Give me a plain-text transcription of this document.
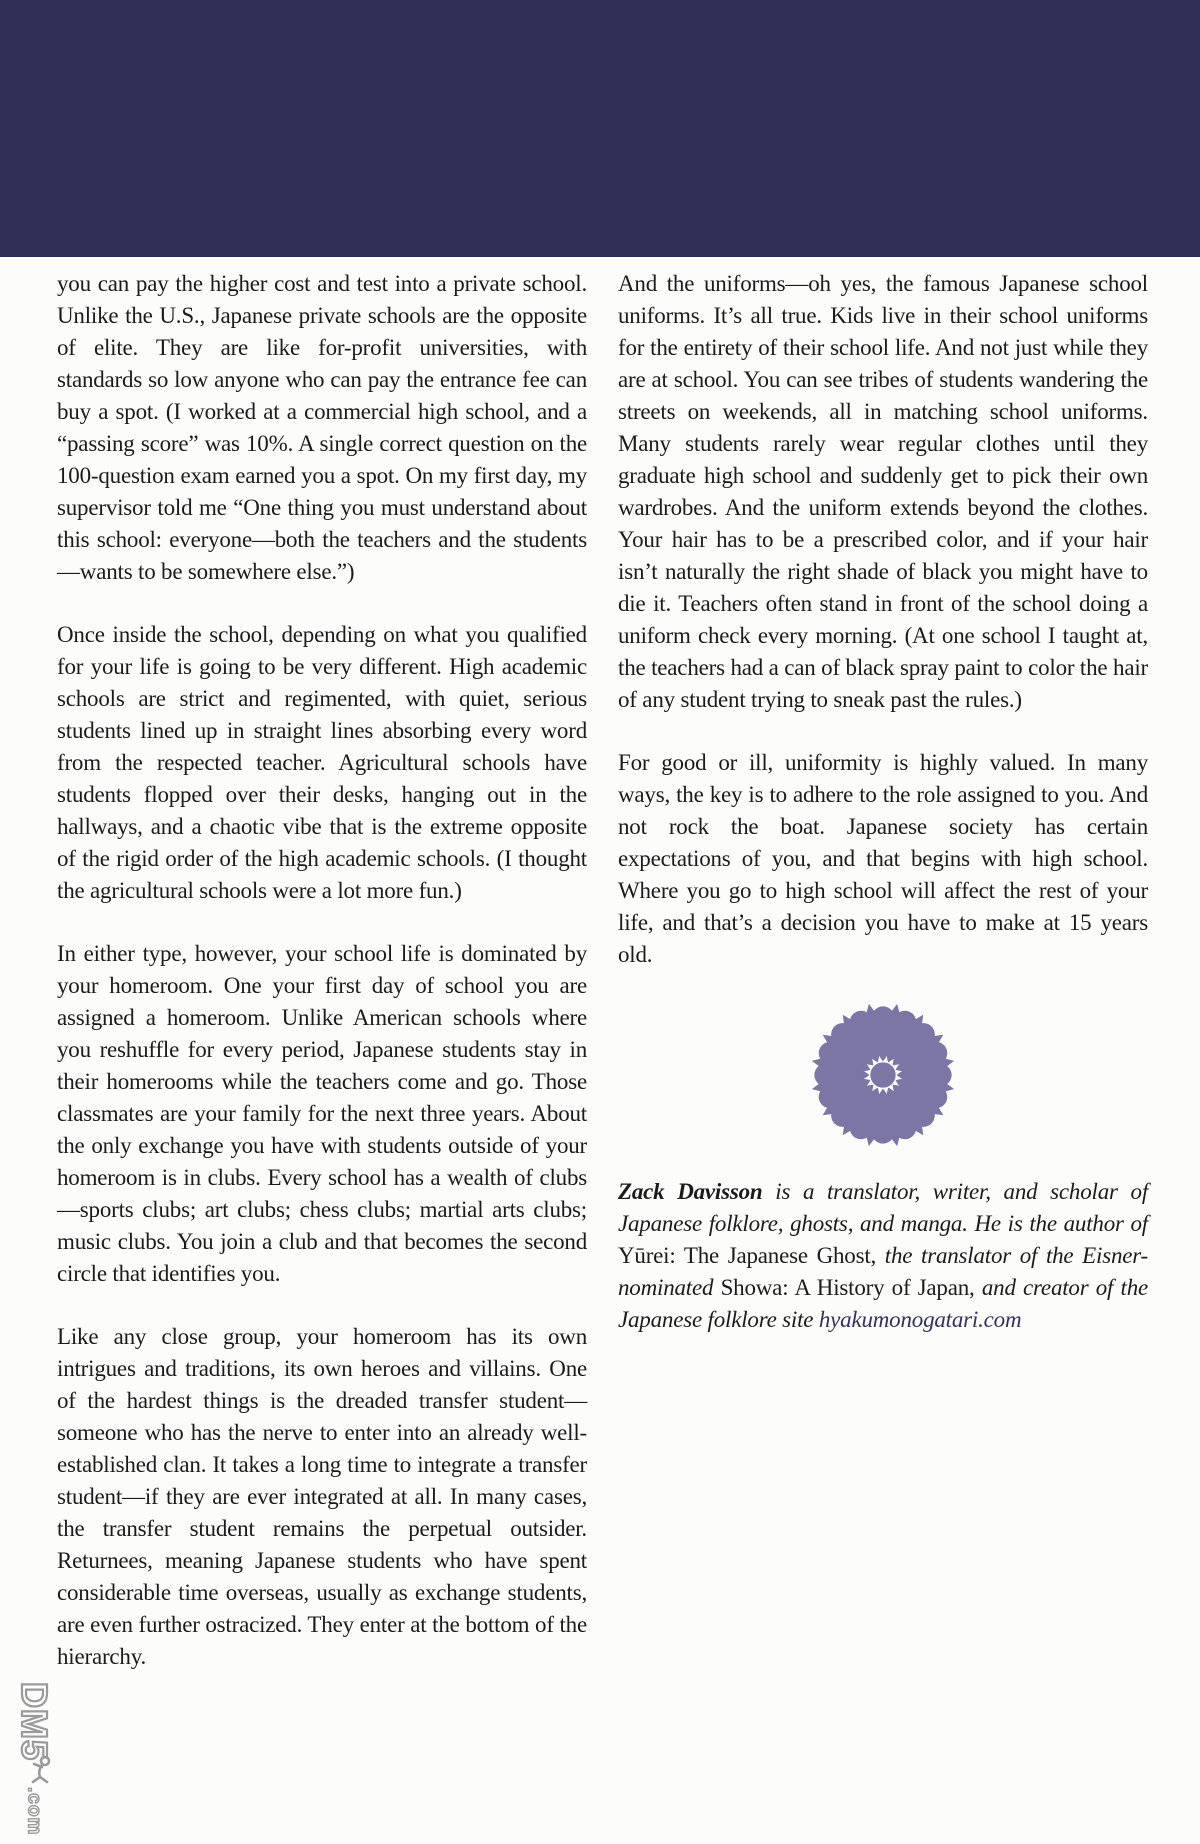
you can pay the higher cost and test into a private school. Unlike the U.S., Japanese private schools are the opposite of elite. They are like for-profit universities, with standards so low anyone who can pay the entrance fee can buy a spot. (I worked at a commercial high school, and a “passing score” was 10%. A single correct question on the 100-question exam earned you a spot. On my first day, my supervisor told me “One thing you must understand about this school: everyone—both the teachers and the students—wants to be somewhere else.”)

Once inside the school, depending on what you qualified for your life is going to be very different. High academic schools are strict and regimented, with quiet, serious students lined up in straight lines absorbing every word from the respected teacher. Agricultural schools have students flopped over their desks, hanging out in the hallways, and a chaotic vibe that is the extreme opposite of the rigid order of the high academic schools. (I thought the agricultural schools were a lot more fun.)

In either type, however, your school life is dominated by your homeroom. One your first day of school you are assigned a homeroom. Unlike American schools where you reshuffle for every period, Japanese students stay in their homerooms while the teachers come and go. Those classmates are your family for the next three years. About the only exchange you have with students outside of your homeroom is in clubs. Every school has a wealth of clubs—sports clubs; art clubs; chess clubs; martial arts clubs; music clubs. You join a club and that becomes the second circle that identifies you.

Like any close group, your homeroom has its own intrigues and traditions, its own heroes and villains. One of the hardest things is the dreaded transfer student—someone who has the nerve to enter into an already well-established clan. It takes a long time to integrate a transfer student—if they are ever integrated at all. In many cases, the transfer student remains the perpetual outsider. Returnees, meaning Japanese students who have spent considerable time overseas, usually as exchange students, are even further ostracized. They enter at the bottom of the hierarchy.

And the uniforms—oh yes, the famous Japanese school uniforms. It’s all true. Kids live in their school uniforms for the entirety of their school life. And not just while they are at school. You can see tribes of students wandering the streets on weekends, all in matching school uniforms. Many students rarely wear regular clothes until they graduate high school and suddenly get to pick their own wardrobes. And the uniform extends beyond the clothes. Your hair has to be a prescribed color, and if your hair isn’t naturally the right shade of black you might have to die it. Teachers often stand in front of the school doing a uniform check every morning. (At one school I taught at, the teachers had a can of black spray paint to color the hair of any student trying to sneak past the rules.)

For good or ill, uniformity is highly valued. In many ways, the key is to adhere to the role assigned to you. And not rock the boat. Japanese society has certain expectations of you, and that begins with high school. Where you go to high school will affect the rest of your life, and that’s a decision you have to make at 15 years old.

Zack Davisson is a translator, writer, and scholar of Japanese folklore, ghosts, and manga. He is the author of Yūrei: The Japanese Ghost, the translator of the Eisner-nominated Showa: A History of Japan, and creator of the Japanese folklore site hyakumonogatari.com

DM5
.com
